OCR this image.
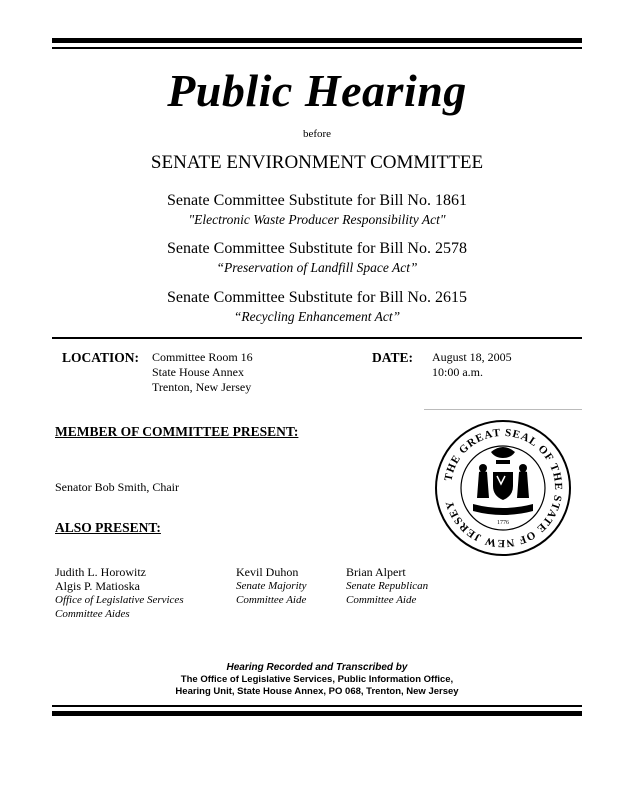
Public Hearing
before
SENATE ENVIRONMENT COMMITTEE
Senate Committee Substitute for Bill No. 1861
"Electronic Waste Producer Responsibility Act"
Senate Committee Substitute for Bill No. 2578
“Preservation of Landfill Space Act”
Senate Committee Substitute for Bill No. 2615
“Recycling Enhancement Act”
LOCATION: Committee Room 16
State House Annex
Trenton, New Jersey
DATE: August 18, 2005
10:00 a.m.
MEMBER OF COMMITTEE PRESENT:
Senator Bob Smith, Chair
ALSO PRESENT:
Judith L. Horowitz
Algis P. Matioska
Office of Legislative Services
Committee Aides
Kevil Duhon
Senate Majority
Committee Aide
Brian Alpert
Senate Republican
Committee Aide
THE GREAT SEAL OF THE STATE OF NEW JERSEY
1776
Hearing Recorded and Transcribed by
The Office of Legislative Services, Public Information Office,
Hearing Unit, State House Annex, PO 068, Trenton, New Jersey
